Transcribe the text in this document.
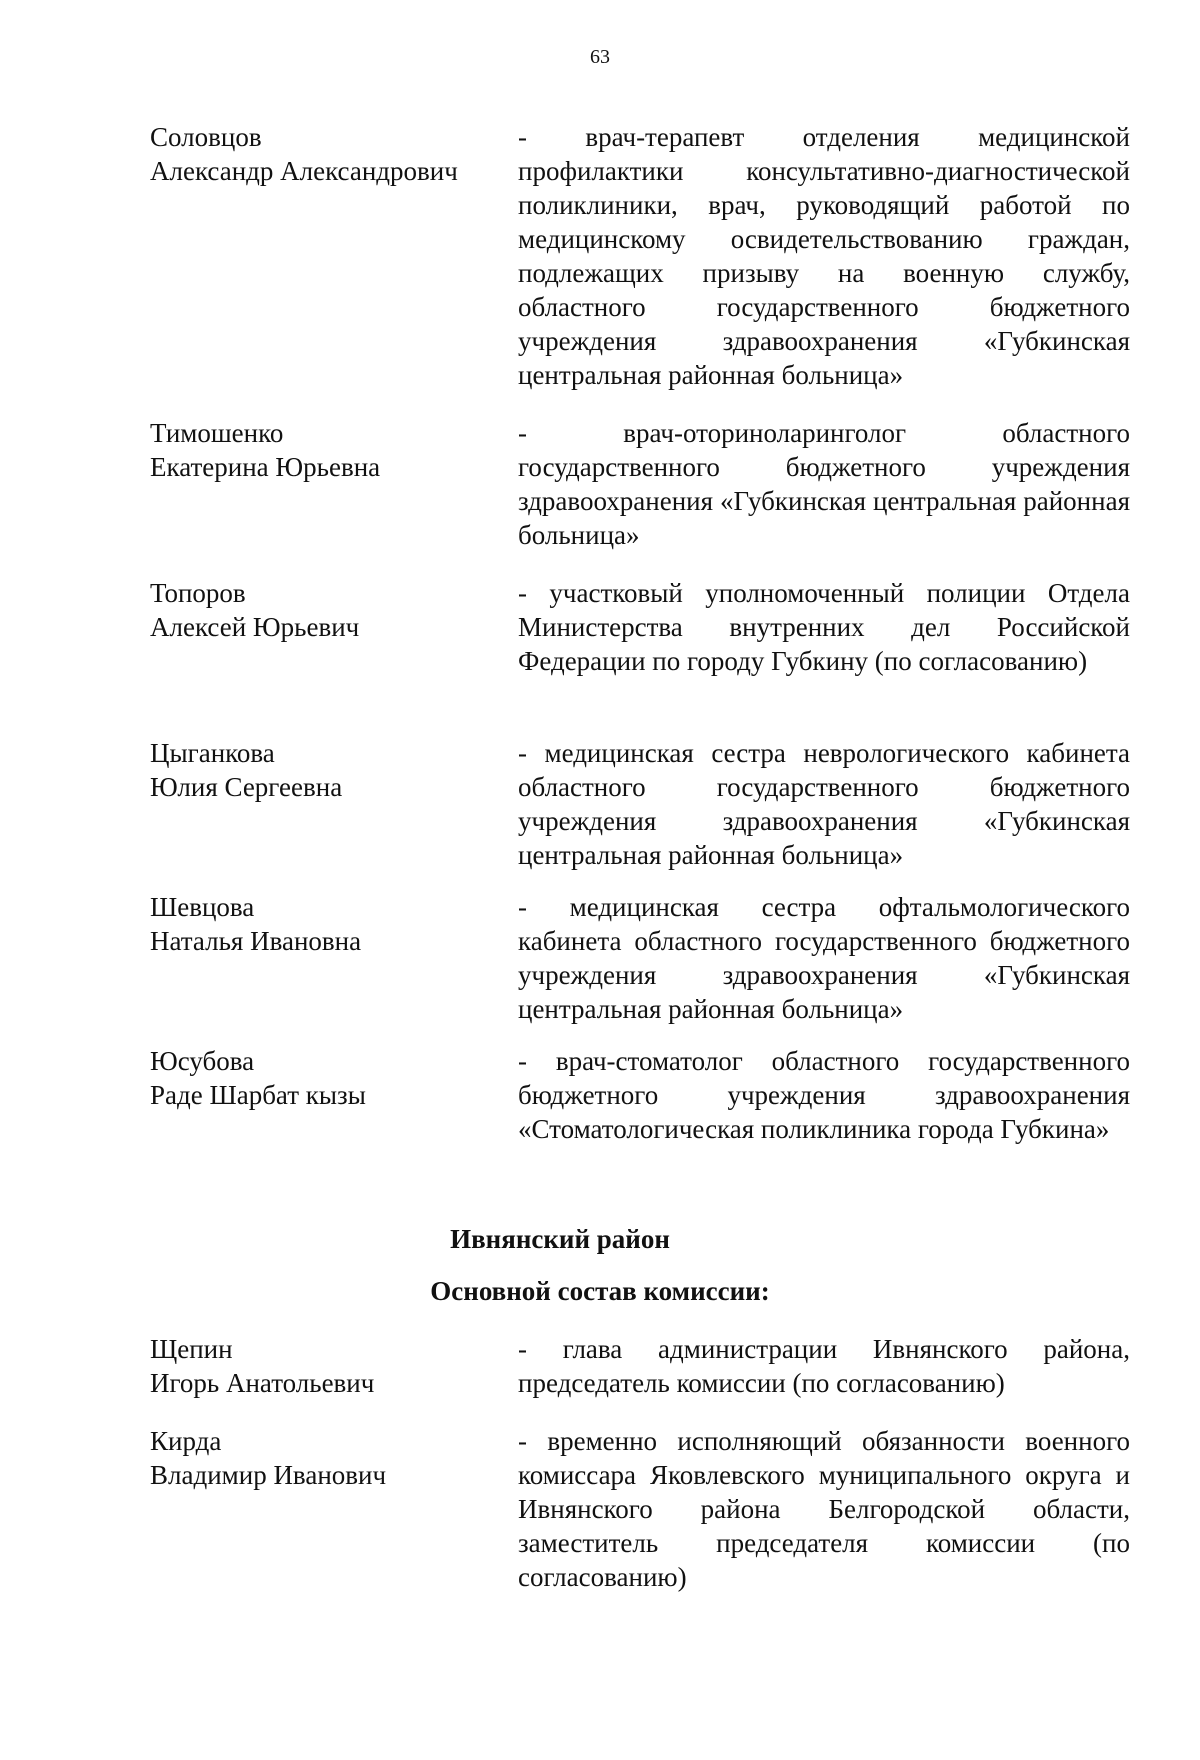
63
Соловцов
Александр Александрович
- врач-терапевт отделения медицинской профилактики консультативно-диагностической поликлиники, врач, руководящий работой по медицинскому освидетельствованию граждан, подлежащих призыву на военную службу, областного государственного бюджетного учреждения здравоохранения «Губкинская центральная районная больница»
Тимошенко
Екатерина Юрьевна
- врач-оториноларинголог областного государственного бюджетного учреждения здравоохранения «Губкинская центральная районная больница»
Топоров
Алексей Юрьевич
- участковый уполномоченный полиции Отдела Министерства внутренних дел Российской Федерации по городу Губкину (по согласованию)
Цыганкова
Юлия Сергеевна
- медицинская сестра неврологического кабинета областного государственного бюджетного учреждения здравоохранения «Губкинская центральная районная больница»
Шевцова
Наталья Ивановна
- медицинская сестра офтальмологического кабинета областного государственного бюджетного учреждения здравоохранения «Губкинская центральная районная больница»
Юсубова
Раде Шарбат кызы
- врач-стоматолог областного государственного бюджетного учреждения здравоохранения «Стоматологическая поликлиника города Губкина»
Ивнянский район
Основной состав комиссии:
Щепин
Игорь Анатольевич
- глава администрации Ивнянского района, председатель комиссии (по согласованию)
Кирда
Владимир Иванович
- временно исполняющий обязанности военного комиссара Яковлевского муниципального округа и Ивнянского района Белгородской области, заместитель председателя комиссии (по согласованию)
